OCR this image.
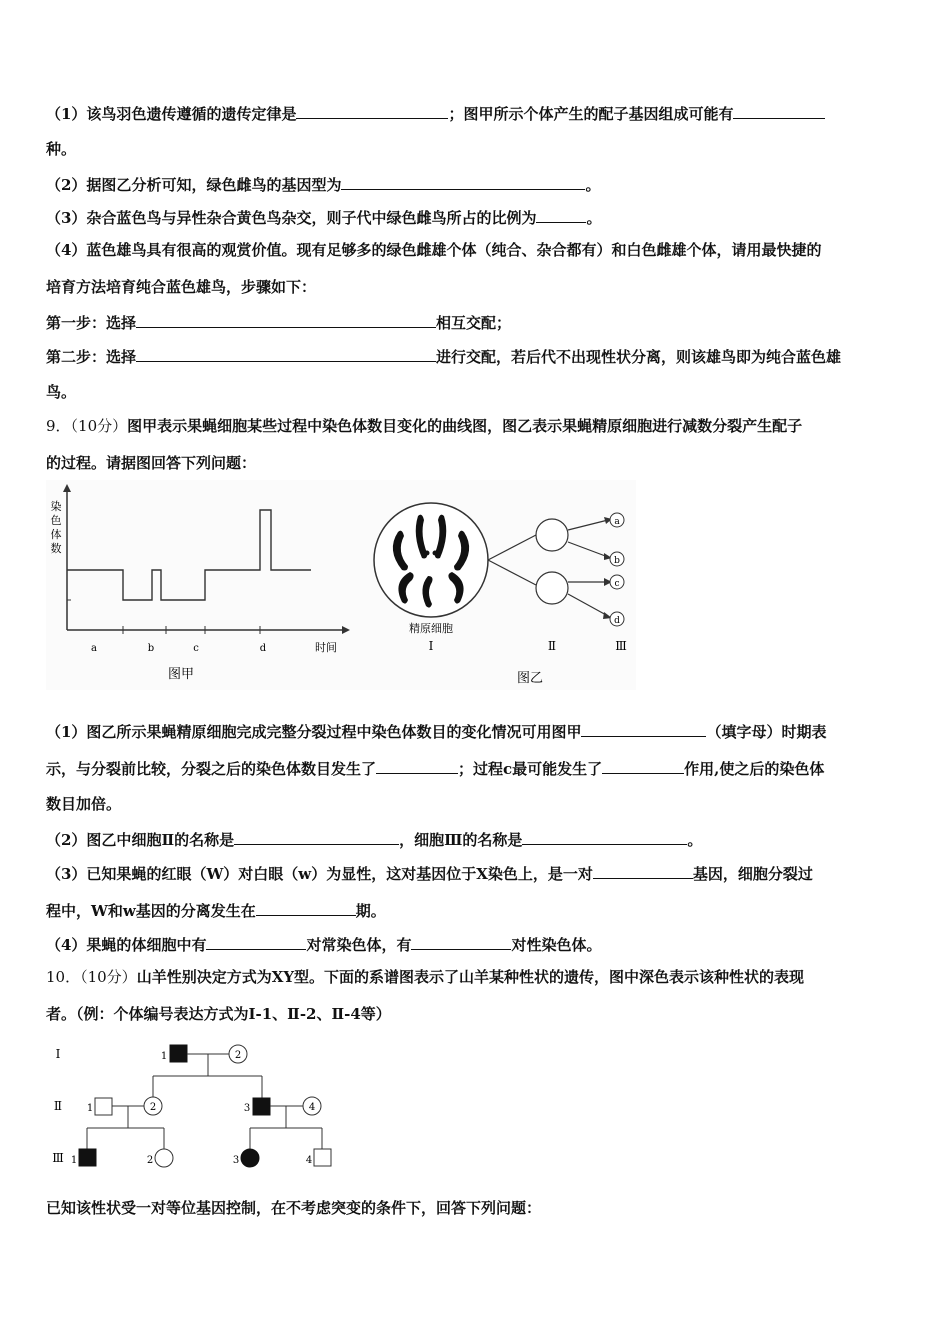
（1）该鸟羽色遗传遵循的遗传定律是	；图甲所示个体产生的配子基因组成可能有
种。
（2）据图乙分析可知，绿色雌鸟的基因型为	。
（3）杂合蓝色鸟与异性杂合黄色鸟杂交，则子代中绿色雌鸟所占的比例为	。
（4）蓝色雄鸟具有很高的观赏价值。现有足够多的绿色雌雄个体（纯合、杂合都有）和白色雌雄个体，请用最快捷的
培育方法培育纯合蓝色雄鸟，步骤如下：
第一步：选择	相互交配；
第二步：选择	进行交配，若后代不出现性状分离，则该雄鸟即为纯合蓝色雄
鸟。
9．（10分）图甲表示果蝇细胞某些过程中染色体数目变化的曲线图，图乙表示果蝇精原细胞进行减数分裂产生配子
的过程。请据图回答下列问题：
染
色
体
数
a	b	c	d	时间
图甲
精原细胞
Ⅰ
a
b
c
d
Ⅱ	Ⅲ
图乙
（1）图乙所示果蝇精原细胞完成完整分裂过程中染色体数目的变化情况可用图甲	（填字母）时期表
示，与分裂前比较，分裂之后的染色体数目发生了	；过程c最可能发生了	作用,使之后的染色体
数目加倍。
（2）图乙中细胞Ⅱ的名称是	，细胞Ⅲ的名称是	。
（3）已知果蝇的红眼（W）对白眼（w）为显性，这对基因位于X染色上，是一对	基因，细胞分裂过
程中，W和w基因的分离发生在	期。
（4）果蝇的体细胞中有	对常染色体，有	对性染色体。
10．（10分）山羊性别决定方式为XY型。下面的系谱图表示了山羊某种性状的遗传，图中深色表示该种性状的表现
者。（例：个体编号表达方式为Ⅰ-1、Ⅱ-2、Ⅱ-4等）
Ⅰ
Ⅱ
Ⅲ
1	2
1	2	3	4
1	2	3	4
已知该性状受一对等位基因控制，在不考虑突变的条件下，回答下列问题：
